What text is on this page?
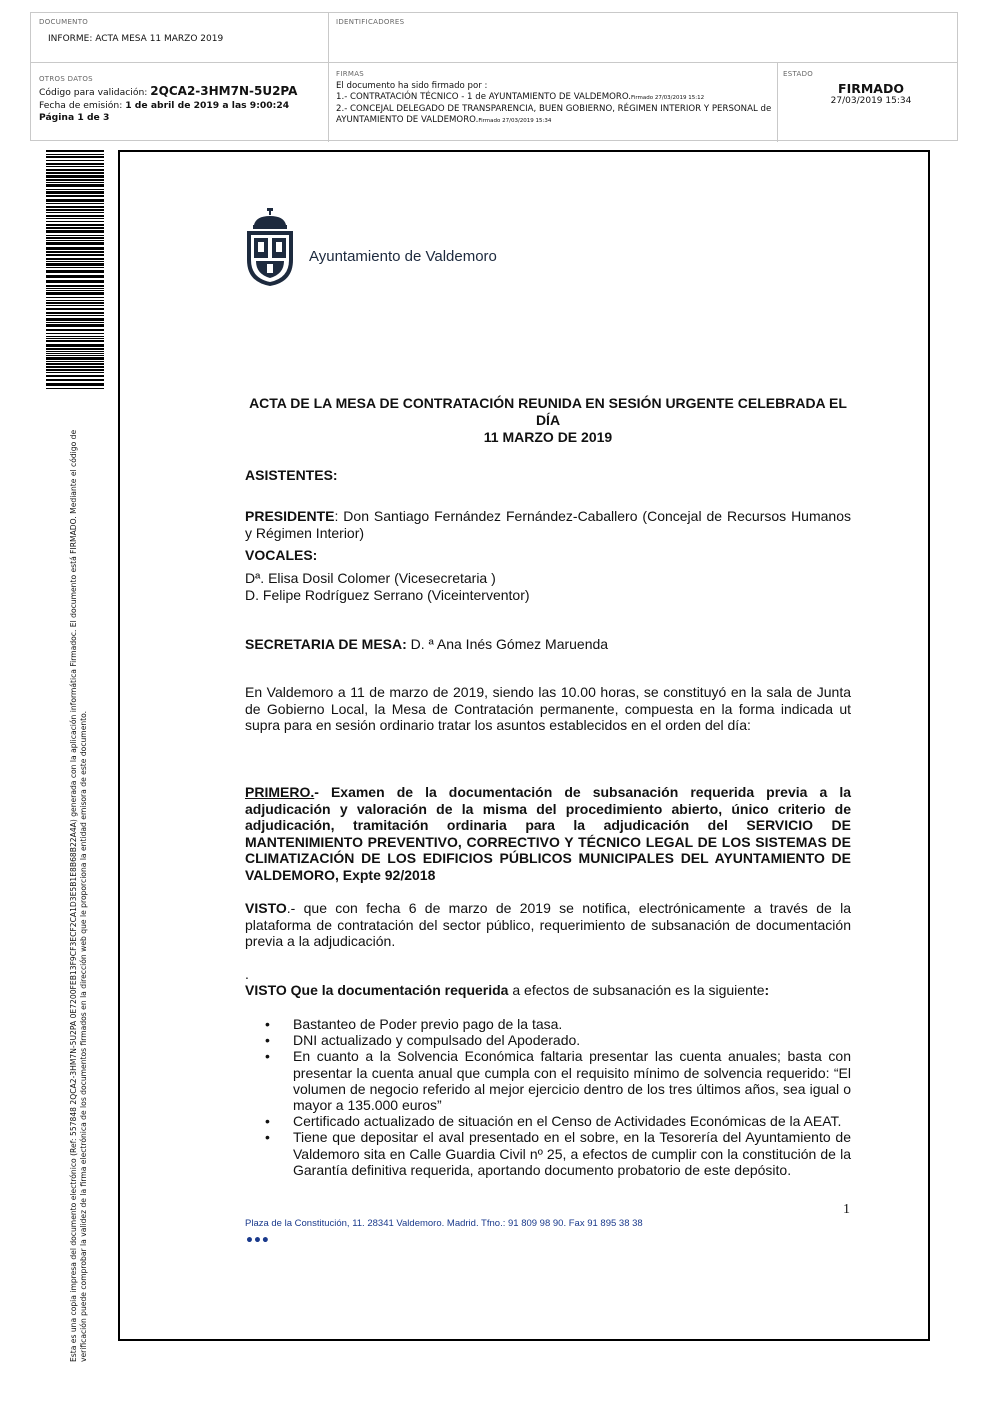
DOCUMENTO
INFORME: ACTA MESA 11 MARZO 2019
IDENTIFICADORES
OTROS DATOS
Código para validación: 2QCA2-3HM7N-5U2PA
Fecha de emisión: 1 de abril de 2019 a las 9:00:24
Página 1 de 3
FIRMAS
El documento ha sido firmado por :
1.- CONTRATACIÓN TÉCNICO - 1 de AYUNTAMIENTO DE VALDEMORO.Firmado 27/03/2019 15:12
2.- CONCEJAL DELEGADO DE TRANSPARENCIA, BUEN GOBIERNO, RÉGIMEN INTERIOR Y PERSONAL de AYUNTAMIENTO DE VALDEMORO.Firmado 27/03/2019 15:34
ESTADO
FIRMADO
27/03/2019 15:34
Esta es una copia impresa del documento electrónico (Ref: 557848 2QCA2-3HM7N-5U2PA 0E7200FEB13F9CF3ECF2CA1D3E5B1E8B68B22A4A) generada con la aplicación informática Firmadoc. El documento está FIRMADO. Mediante el código de verificación puede comprobar la validez de la firma electrónica de los documentos firmados en la dirección web que le proporciona la entidad emisora de este documento.
Ayuntamiento de Valdemoro
ACTA DE LA MESA DE CONTRATACIÓN REUNIDA EN SESIÓN URGENTE CELEBRADA EL DÍA
11 MARZO DE 2019
ASISTENTES:
PRESIDENTE: Don Santiago Fernández Fernández-Caballero (Concejal de Recursos Humanos y Régimen Interior)
VOCALES:
Dª. Elisa Dosil Colomer (Vicesecretaria )
D. Felipe Rodríguez Serrano (Viceinterventor)
SECRETARIA DE MESA: D. ª Ana Inés Gómez Maruenda
En Valdemoro a 11 de marzo de 2019, siendo las 10.00 horas, se constituyó en la sala de Junta de Gobierno Local, la Mesa de Contratación permanente, compuesta en la forma indicada ut supra para en sesión ordinario tratar los asuntos establecidos en el orden del día:
PRIMERO.- Examen de la documentación de subsanación requerida previa a la adjudicación y valoración de la misma del procedimiento abierto, único criterio de adjudicación, tramitación ordinaria para la adjudicación del SERVICIO DE MANTENIMIENTO PREVENTIVO, CORRECTIVO Y TÉCNICO LEGAL DE LOS SISTEMAS DE CLIMATIZACIÓN DE LOS EDIFICIOS PÚBLICOS MUNICIPALES DEL AYUNTAMIENTO DE VALDEMORO, Expte 92/2018
VISTO.- que con fecha 6 de marzo de 2019 se notifica, electrónicamente a través de la plataforma de contratación del sector público, requerimiento de subsanación de documentación previa a la adjudicación.
.
VISTO Que la documentación requerida a efectos de subsanación es la siguiente:
• Bastanteo de Poder previo pago de la tasa.
• DNI actualizado y compulsado del Apoderado.
• En cuanto a la Solvencia Económica faltaria presentar las cuenta anuales; basta con presentar la cuenta anual que cumpla con el requisito mínimo de solvencia requerido: “El volumen de negocio referido al mejor ejercicio dentro de los tres últimos años, sea igual o mayor a 135.000 euros”
• Certificado actualizado de situación en el Censo de Actividades Económicas de la AEAT.
• Tiene que depositar el aval presentado en el sobre, en la Tesorería del Ayuntamiento de Valdemoro sita en Calle Guardia Civil nº 25, a efectos de cumplir con la constitución de la Garantía definitiva requerida, aportando documento probatorio de este depósito.
1
Plaza de la Constitución, 11. 28341 Valdemoro. Madrid. Tfno.: 91 809 98 90. Fax 91 895 38 38
•••
